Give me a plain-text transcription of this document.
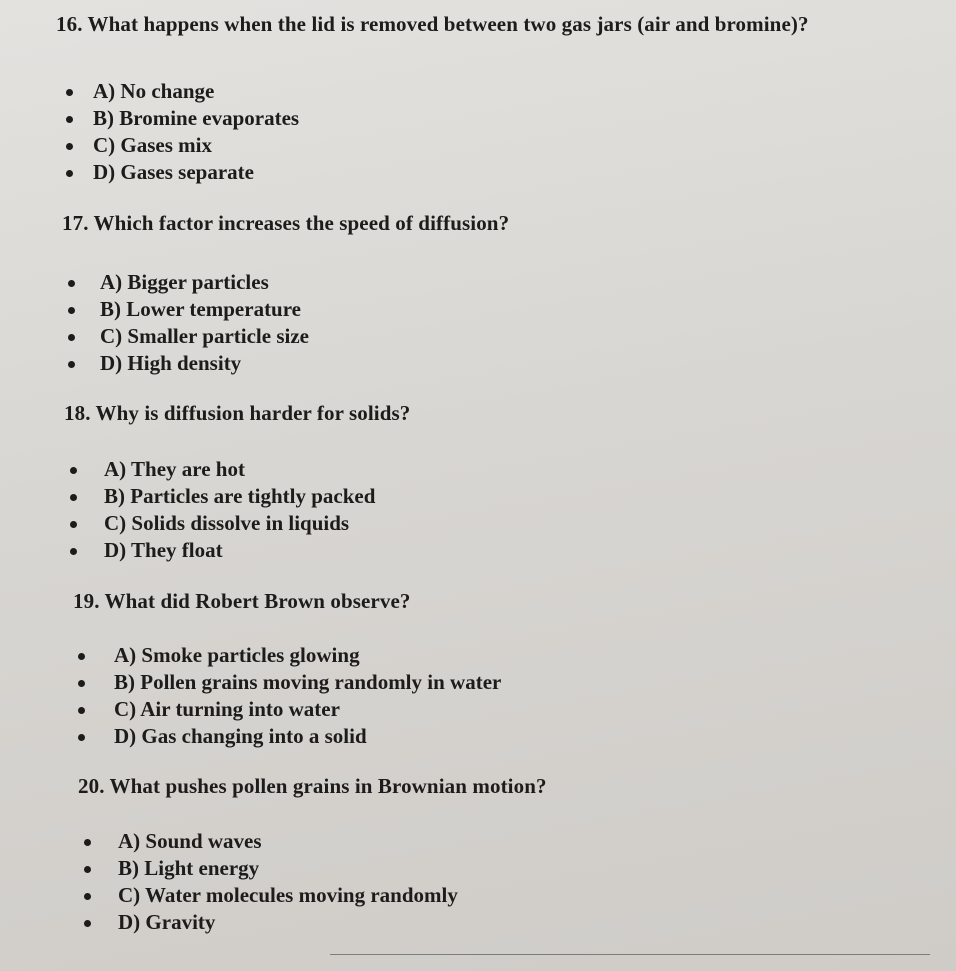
16. What happens when the lid is removed between two gas jars (air and bromine)?
A) No change
B) Bromine evaporates
C) Gases mix
D) Gases separate
17. Which factor increases the speed of diffusion?
A) Bigger particles
B) Lower temperature
C) Smaller particle size
D) High density
18. Why is diffusion harder for solids?
A) They are hot
B) Particles are tightly packed
C) Solids dissolve in liquids
D) They float
19. What did Robert Brown observe?
A) Smoke particles glowing
B) Pollen grains moving randomly in water
C) Air turning into water
D) Gas changing into a solid
20. What pushes pollen grains in Brownian motion?
A) Sound waves
B) Light energy
C) Water molecules moving randomly
D) Gravity
